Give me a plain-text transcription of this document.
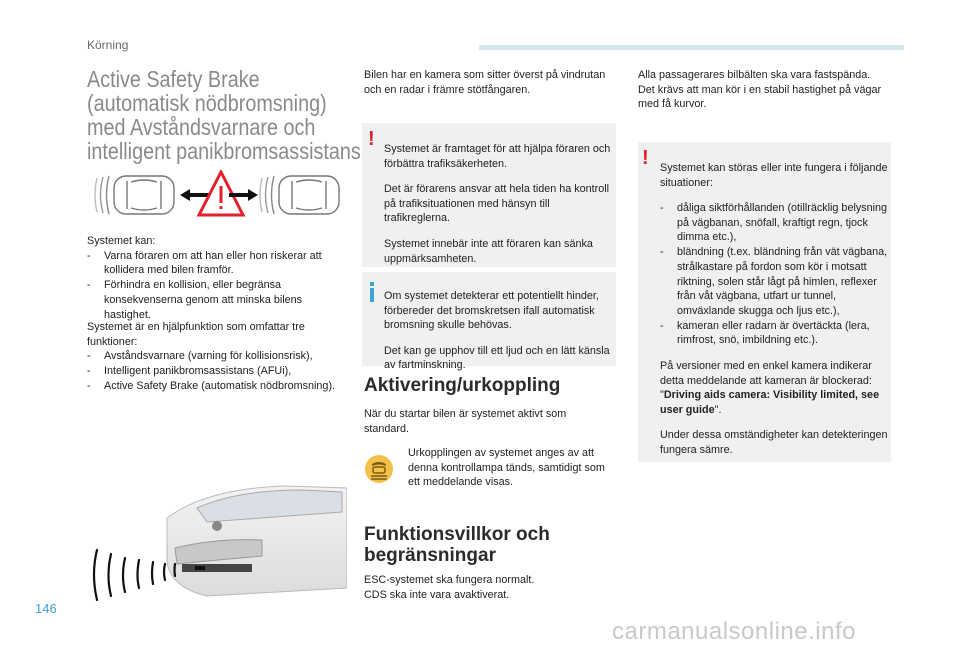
Körning
Active Safety Brake
(automatisk nödbromsning)
med Avståndsvarnare och
intelligent panikbromsassistans

Systemet kan:

- Varna föraren om att han eller hon riskerar att kollidera med bilen framför.
- Förhindra en kollision, eller begränsa konsekvenserna genom att minska bilens hastighet.

Systemet är en hjälpfunktion som omfattar tre

funktioner:

- Avståndsvarnare (varning för kollisionsrisk),
- Intelligent panikbromsassistans (AFUi),
- Active Safety Brake (automatisk nödbromsning).
Bilen har en kamera som sitter överst på vindrutan och en radar i främre stötfångaren.
! Systemet är framtaget för att hjälpa föraren och förbättra trafiksäkerheten.

Det är förarens ansvar att hela tiden ha kontroll på trafiksituationen med hänsyn till trafikreglerna.

Systemet innebär inte att föraren kan sänka uppmärksamheten.

Om systemet detekterar ett potentiellt hinder, förbereder det bromskretsen ifall automatisk bromsning skulle behövas.

Det kan ge upphov till ett ljud och en lätt känsla av fartminskning.

Aktivering/urkoppling
När du startar bilen är systemet aktivt som standard.
Urkopplingen av systemet anges av att denna kontrollampa tänds, samtidigt som ett meddelande visas.
Funktionsvillkor och
begränsningar

ESC-systemet ska fungera normalt.

CDS ska inte vara avaktiverat.

Alla passagerares bilbälten ska vara fastspända.

Det krävs att man kör i en stabil hastighet på vägar med få kurvor.

! Systemet kan störas eller inte fungera i följande situationer:

- dåliga siktförhållanden (otillräcklig belysning på vägbanan, snöfall, kraftigt regn, tjock dimma etc.),
- bländning (t.ex. bländning från vät vägbana, strålkastare på fordon som kör i motsatt riktning, solen står lågt på himlen, reflexer från våt vägbana, utfart ur tunnel, omväxlande skugga och ljus etc.),
- kameran eller radarn är övertäckta (lera, rimfrost, snö, imbildning etc.).

På versioner med en enkel kamera indikerar detta meddelande att kameran är blockerad: "Driving aids camera: Visibility limited, see user guide".

Under dessa omständigheter kan detekteringen fungera sämre.

146
carmanualsonline.info
